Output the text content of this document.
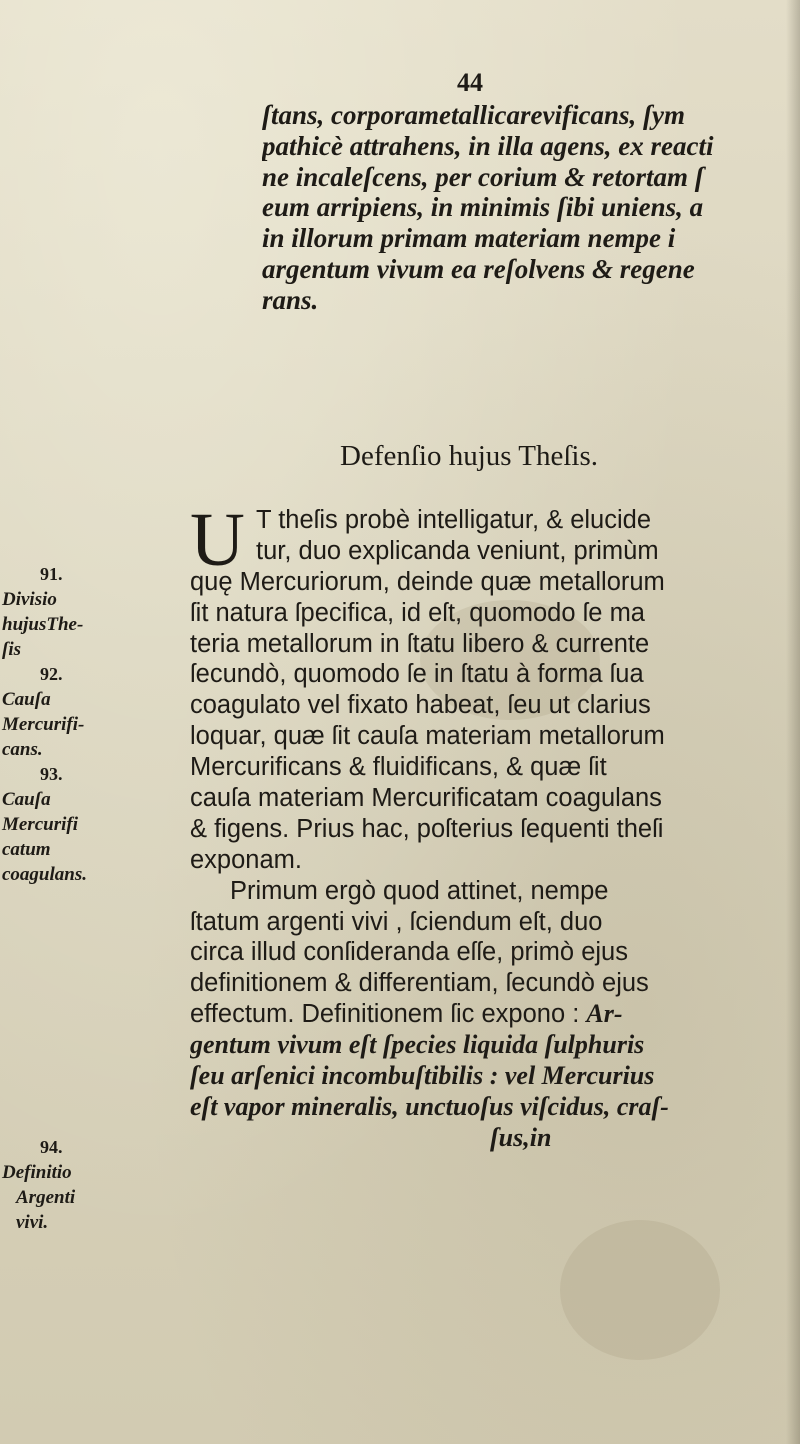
44
ſtans, corporametallicarevificans, ſym
pathicè attrahens, in illa agens, ex reacti
ne incaleſcens, per corium & retortam ſ
eum arripiens, in minimis ſibi uniens, a
in illorum primam materiam nempe i
argentum vivum ea reſolvens & regene
rans.
Defenſio hujus Theſis.
U T theſis probè intelligatur, & elucide
tur, duo explicanda veniunt, primùm
quę Mercuriorum, deinde quæ metallorum
ſit natura ſpecifica, id eſt, quomodo ſe ma
teria metallorum in ſtatu libero & currente
ſecundò, quomodo ſe in ſtatu à forma ſua
coagulato vel fixato habeat, ſeu ut clarius
loquar, quæ ſit cauſa materiam metallorum
Mercurificans & fluidificans, & quæ ſit
cauſa materiam Mercurificatam coagulans
& figens. Prius hac, poſterius ſequenti theſi
exponam.
Primum ergò quod attinet, nempe
ſtatum argenti vivi , ſciendum eſt, duo
circa illud conſideranda eſſe, primò ejus
definitionem & differentiam, ſecundò ejus
effectum. Definitionem ſic expono : Ar-
gentum vivum eſt ſpecies liquida ſulphuris
ſeu arſenici incombuſtibilis : vel Mercurius
eſt vapor mineralis, unctuoſus viſcidus, craſ-
ſus,in
91.
Divisio
hujusThe-
ſis
92.
Cauſa
Mercurifi-
cans.
93.
Cauſa
Mercurifi
catum
coagulans.
94.
Definitio
Argenti
vivi.
